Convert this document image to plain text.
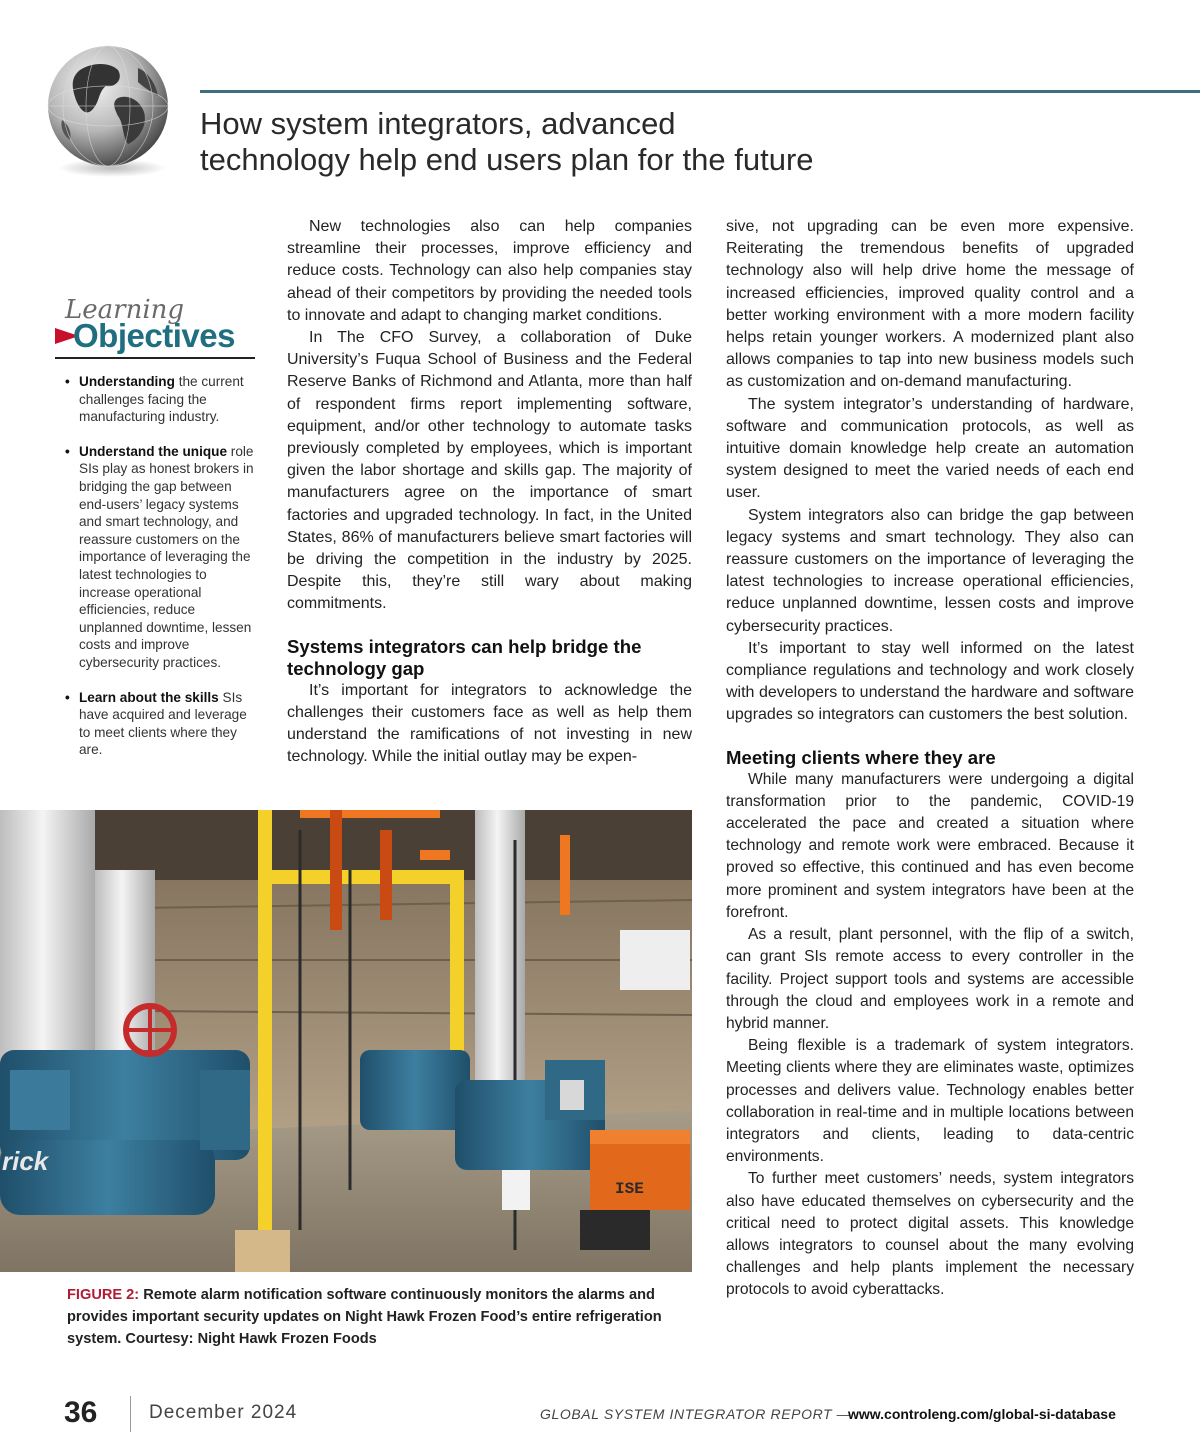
How system integrators, advanced
technology help end users plan for the future
Learning
Objectives
• Understanding the current challenges facing the manufacturing industry.
• Understand the unique role SIs play as honest brokers in bridging the gap between end-users’ legacy systems and smart technology, and reassure customers on the importance of leveraging the latest technologies to increase operational efficiencies, reduce unplanned downtime, lessen costs and improve cybersecurity practices.
• Learn about the skills SIs have acquired and leverage to meet clients where they are.

New technologies also can help companies streamline their processes, improve efficiency and reduce costs. Technology can also help companies stay ahead of their competitors by providing the needed tools to innovate and adapt to changing market conditions.

In The CFO Survey, a collaboration of Duke University’s Fuqua School of Business and the Federal Reserve Banks of Richmond and Atlanta, more than half of respondent firms report implementing software, equipment, and/or other technology to automate tasks previously completed by employees, which is important given the labor shortage and skills gap. The majority of manufacturers agree on the importance of smart factories and upgraded technology. In fact, in the United States, 86% of manufacturers believe smart factories will be driving the competition in the industry by 2025. Despite this, they’re still wary about making commitments.

Systems integrators can help bridge the technology gap

It’s important for integrators to acknowledge the challenges their customers face as well as help them understand the ramifications of not investing in new technology. While the initial outlay may be expen-

sive, not upgrading can be even more expensive. Reiterating the tremendous benefits of upgraded technology also will help drive home the message of increased efficiencies, improved quality control and a better working environment with a more modern facility helps retain younger workers. A modernized plant also allows companies to tap into new business models such as customization and on-demand manufacturing.

The system integrator’s understanding of hardware, software and communication protocols, as well as intuitive domain knowledge help create an automation system designed to meet the varied needs of each end user.

System integrators also can bridge the gap between legacy systems and smart technology. They also can reassure customers on the importance of leveraging the latest technologies to increase operational efficiencies, reduce unplanned downtime, lessen costs and improve cybersecurity practices.

It’s important to stay well informed on the latest compliance regulations and technology and work closely with developers to understand the hardware and software upgrades so integrators can customers the best solution.

Meeting clients where they are

While many manufacturers were undergoing a digital transformation prior to the pandemic, COVID-19 accelerated the pace and created a situation where technology and remote work were embraced. Because it proved so effective, this continued and has even become more prominent and system integrators have been at the forefront.

As a result, plant personnel, with the flip of a switch, can grant SIs remote access to every controller in the facility. Project support tools and systems are accessible through the cloud and employees work in a remote and hybrid manner.

Being flexible is a trademark of system integrators. Meeting clients where they are eliminates waste, optimizes processes and delivers value. Technology enables better collaboration in real-time and in multiple locations between integrators and clients, leading to data-centric environments.

To further meet customers’ needs, system integrators also have educated themselves on cybersecurity and the critical need to protect digital assets. This knowledge allows integrators to counsel about the many evolving challenges and help plants implement the necessary protocols to avoid cyberattacks.

rick
ISE
FIGURE 2: Remote alarm notification software continuously monitors the alarms and provides important security updates on Night Hawk Frozen Food’s entire refrigeration system. Courtesy: Night Hawk Frozen Foods
36	December 2024	GLOBAL SYSTEM INTEGRATOR REPORT —
www.controleng.com/global-si-database
